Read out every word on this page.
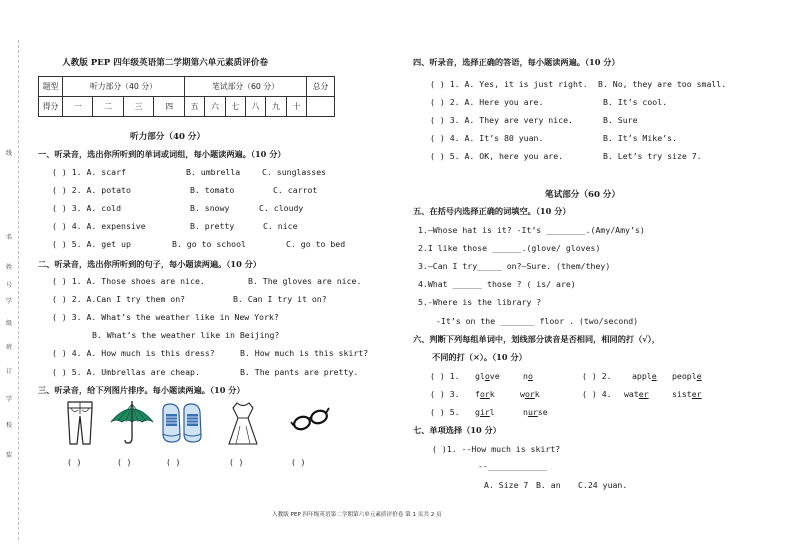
线
名
姓
号
学
级
班
订
学
校
装
人教版 PEP 四年级英语第二学期第六单元素质评价卷
题型	听力部分（40 分）				笔试部分（60 分）						总分
得分	一	二	三	四	五	六	七	八	九	十	
听力部分（40 分）
一、听录音，选出你所听到的单词或词组，每小题读两遍。（10 分）
( ) 1. A. scarf	B. umbrella	C. sunglasses
( ) 2. A. potato	B. tomato	C. carrot
( ) 3. A. cold	B. snowy	C. cloudy
( ) 4. A. expensive	B. pretty	C. nice
( ) 5. A. get up	B. go to school	C. go to bed
二、听录音，选出你所听到的句子，每小题读两遍。（10 分）
( ) 1. A. Those shoes are nice.	B. The gloves are nice.
( ) 2. A.Can I try them on?	B. Can I try it on?
( ) 3. A. What’s the weather like in New York?
B. What’s the weather like in Beijing?
( ) 4. A. How much is this dress?	B. How much is this skirt?
( ) 5. A. Umbrellas are cheap.	B. The pants are pretty.
三、听录音，给下列图片排序。每小题读两遍。（10 分）
( )	( )	( )	( )	( )
四、听录音，选择正确的答语，每小题读两遍。（10 分）
( ) 1. A. Yes, it is just right. B. No, they are too small.
( ) 2. A. Here you are.	B. It’s cool.
( ) 3. A. They are very nice.	B. Sure
( ) 4. A. It’s 80 yuan.	B. It’s Mike’s.
( ) 5. A. OK, here you are.	B. Let’s try size 7.
笔试部分（60 分）
五、在括号内选择正确的词填空。（10 分）
1.—Whose hat is it? -It’s ________.(Amy/Amy’s)
2.I like those ______.(glove/ gloves)
3.—Can I try_____ on?—Sure. (them/they)
4.What ______ those ? ( is/ are)
5.-Where is the library ?
-It’s on the _______ floor . (two/second)
六、判断下列每组单词中，划线部分读音是否相同，相同的打（√），
不同的打（×）。（10 分）
( ) 1. glove	no	( ) 2. apple people
( ) 3. fork	work	( ) 4. water	sister
( ) 5. girl	nurse
七、单项选择（10 分）
( )1. --How much is skirt?
--____________
A. Size 7 B. an C.24 yuan.
人教版 PEP 四年级英语第二学期第六单元素质评价卷 第 1 页共 2 页
